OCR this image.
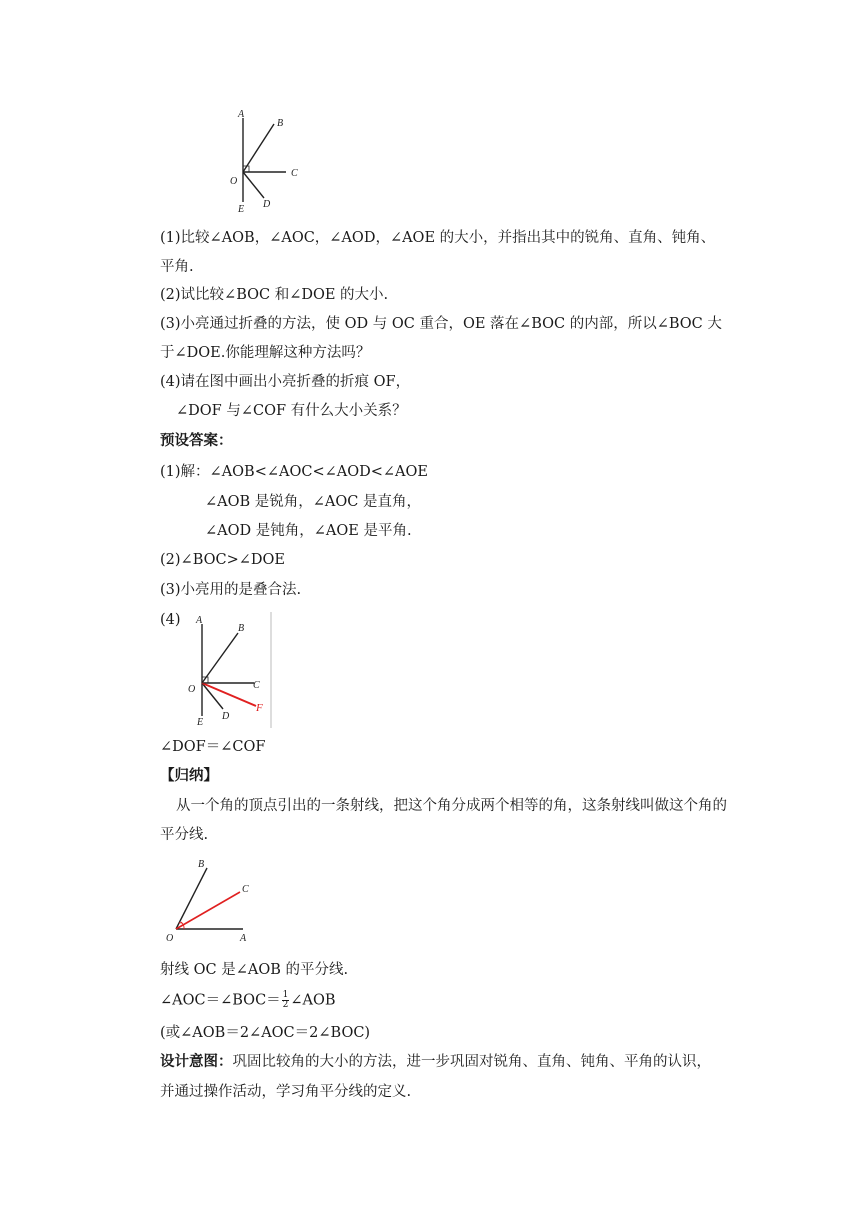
A
B
O
C
E D
(1)比较∠AOB，∠AOC，∠AOD，∠AOE 的大小，并指出其中的锐角、直角、钝角、
平角.
(2)试比较∠BOC 和∠DOE 的大小.
(3)小亮通过折叠的方法，使 OD 与 OC 重合，OE 落在∠BOC 的内部，所以∠BOC 大
于∠DOE.你能理解这种方法吗？
(4)请在图中画出小亮折叠的折痕 OF，
∠DOF 与∠COF 有什么大小关系？
预设答案：
(1)解：∠AOB<∠AOC<∠AOD<∠AOE
∠AOB 是锐角，∠AOC 是直角，
∠AOD 是钝角，∠AOE 是平角.
(2)∠BOC>∠DOE
(3)小亮用的是叠合法.
(4) A
B
O	C
E
D
F
∠DOF＝∠COF
【归纳】
从一个角的顶点引出的一条射线，把这个角分成两个相等的角，这条射线叫做这个角的
平分线.
B
C
O	A
射线 OC 是∠AOB 的平分线.
∠AOC＝∠BOC＝ $\frac{1}{2}$ ∠AOB
(或∠AOB＝2∠AOC＝2∠BOC)
设计意图：巩固比较角的大小的方法，进一步巩固对锐角、直角、钝角、平角的认识，
并通过操作活动，学习角平分线的定义.
